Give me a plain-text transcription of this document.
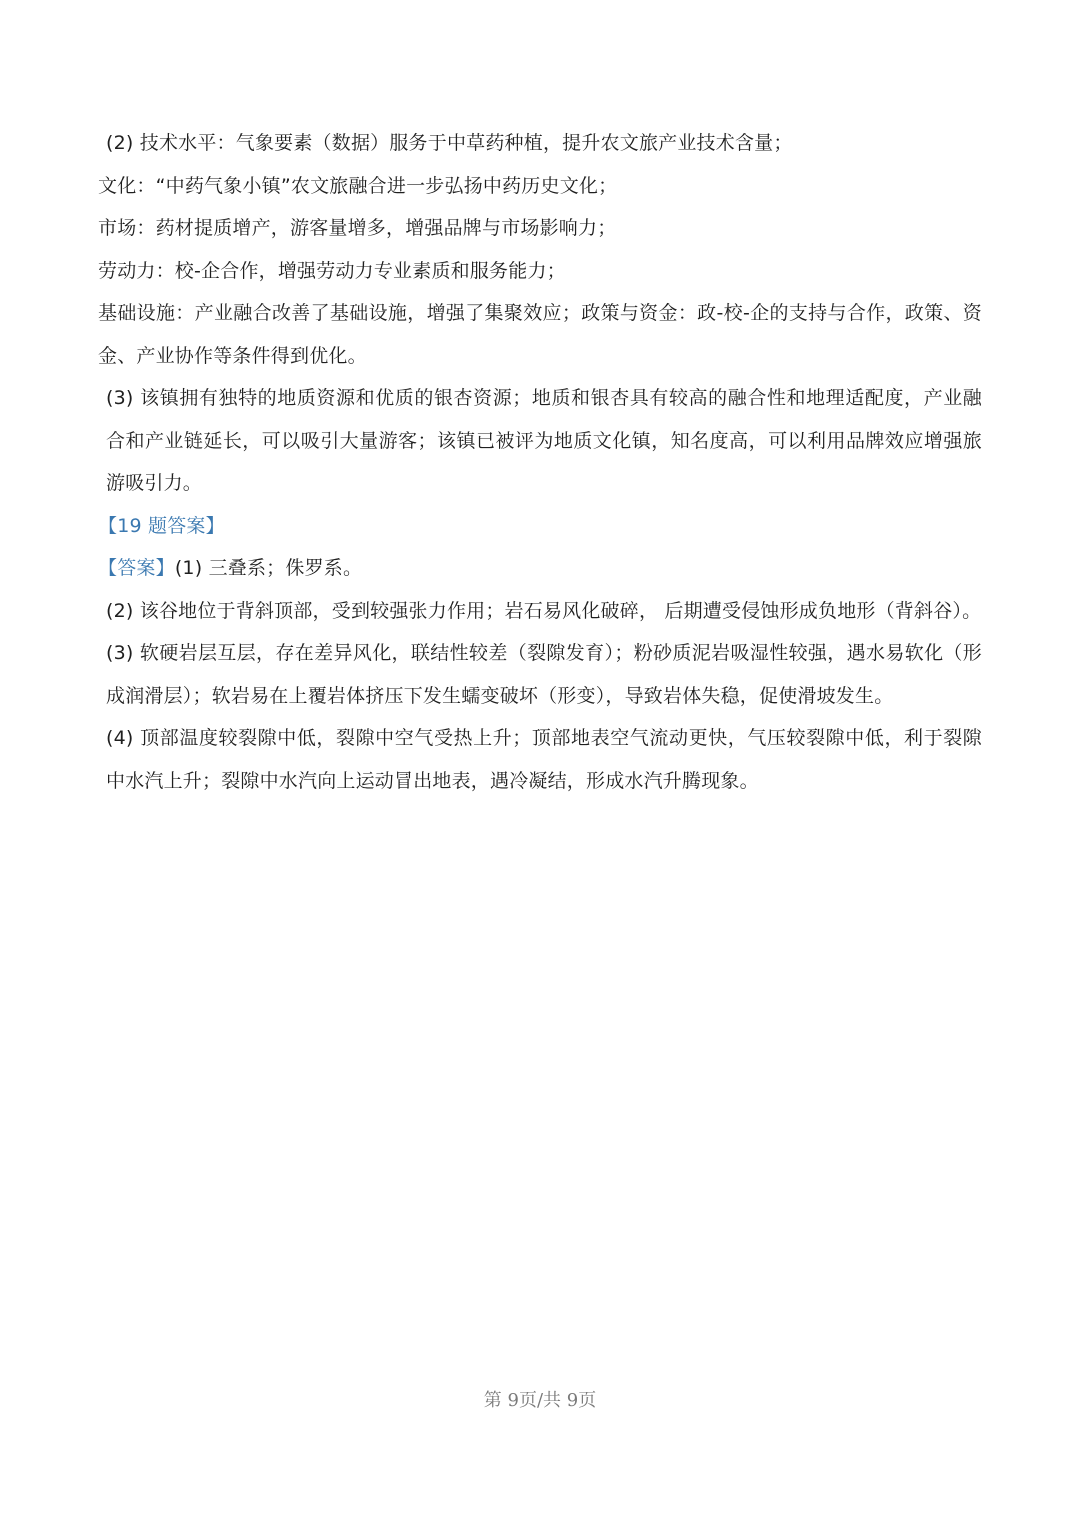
(2) 技术水平：气象要素（数据）服务于中草药种植，提升农文旅产业技术含量；

文化：“中药气象小镇”农文旅融合进一步弘扬中药历史文化；

市场：药材提质增产，游客量增多，增强品牌与市场影响力；

劳动力：校-企合作，增强劳动力专业素质和服务能力；

基础设施：产业融合改善了基础设施，增强了集聚效应；政策与资金：政-校-企的支持与合作，政策、资金、产业协作等条件得到优化。

(3) 该镇拥有独特的地质资源和优质的银杏资源；地质和银杏具有较高的融合性和地理适配度，产业融合和产业链延长，可以吸引大量游客；该镇已被评为地质文化镇，知名度高，可以利用品牌效应增强旅游吸引力。

【19 题答案】

【答案】(1) 三叠系；侏罗系。

(2) 该谷地位于背斜顶部，受到较强张力作用；岩石易风化破碎， 后期遭受侵蚀形成负地形（背斜谷）。

(3) 软硬岩层互层，存在差异风化，联结性较差（裂隙发育）；粉砂质泥岩吸湿性较强，遇水易软化（形成润滑层）；软岩易在上覆岩体挤压下发生蠕变破坏（形变），导致岩体失稳，促使滑坡发生。

(4) 顶部温度较裂隙中低，裂隙中空气受热上升；顶部地表空气流动更快，气压较裂隙中低，利于裂隙中水汽上升；裂隙中水汽向上运动冒出地表，遇冷凝结，形成水汽升腾现象。

第 9页/共 9页
